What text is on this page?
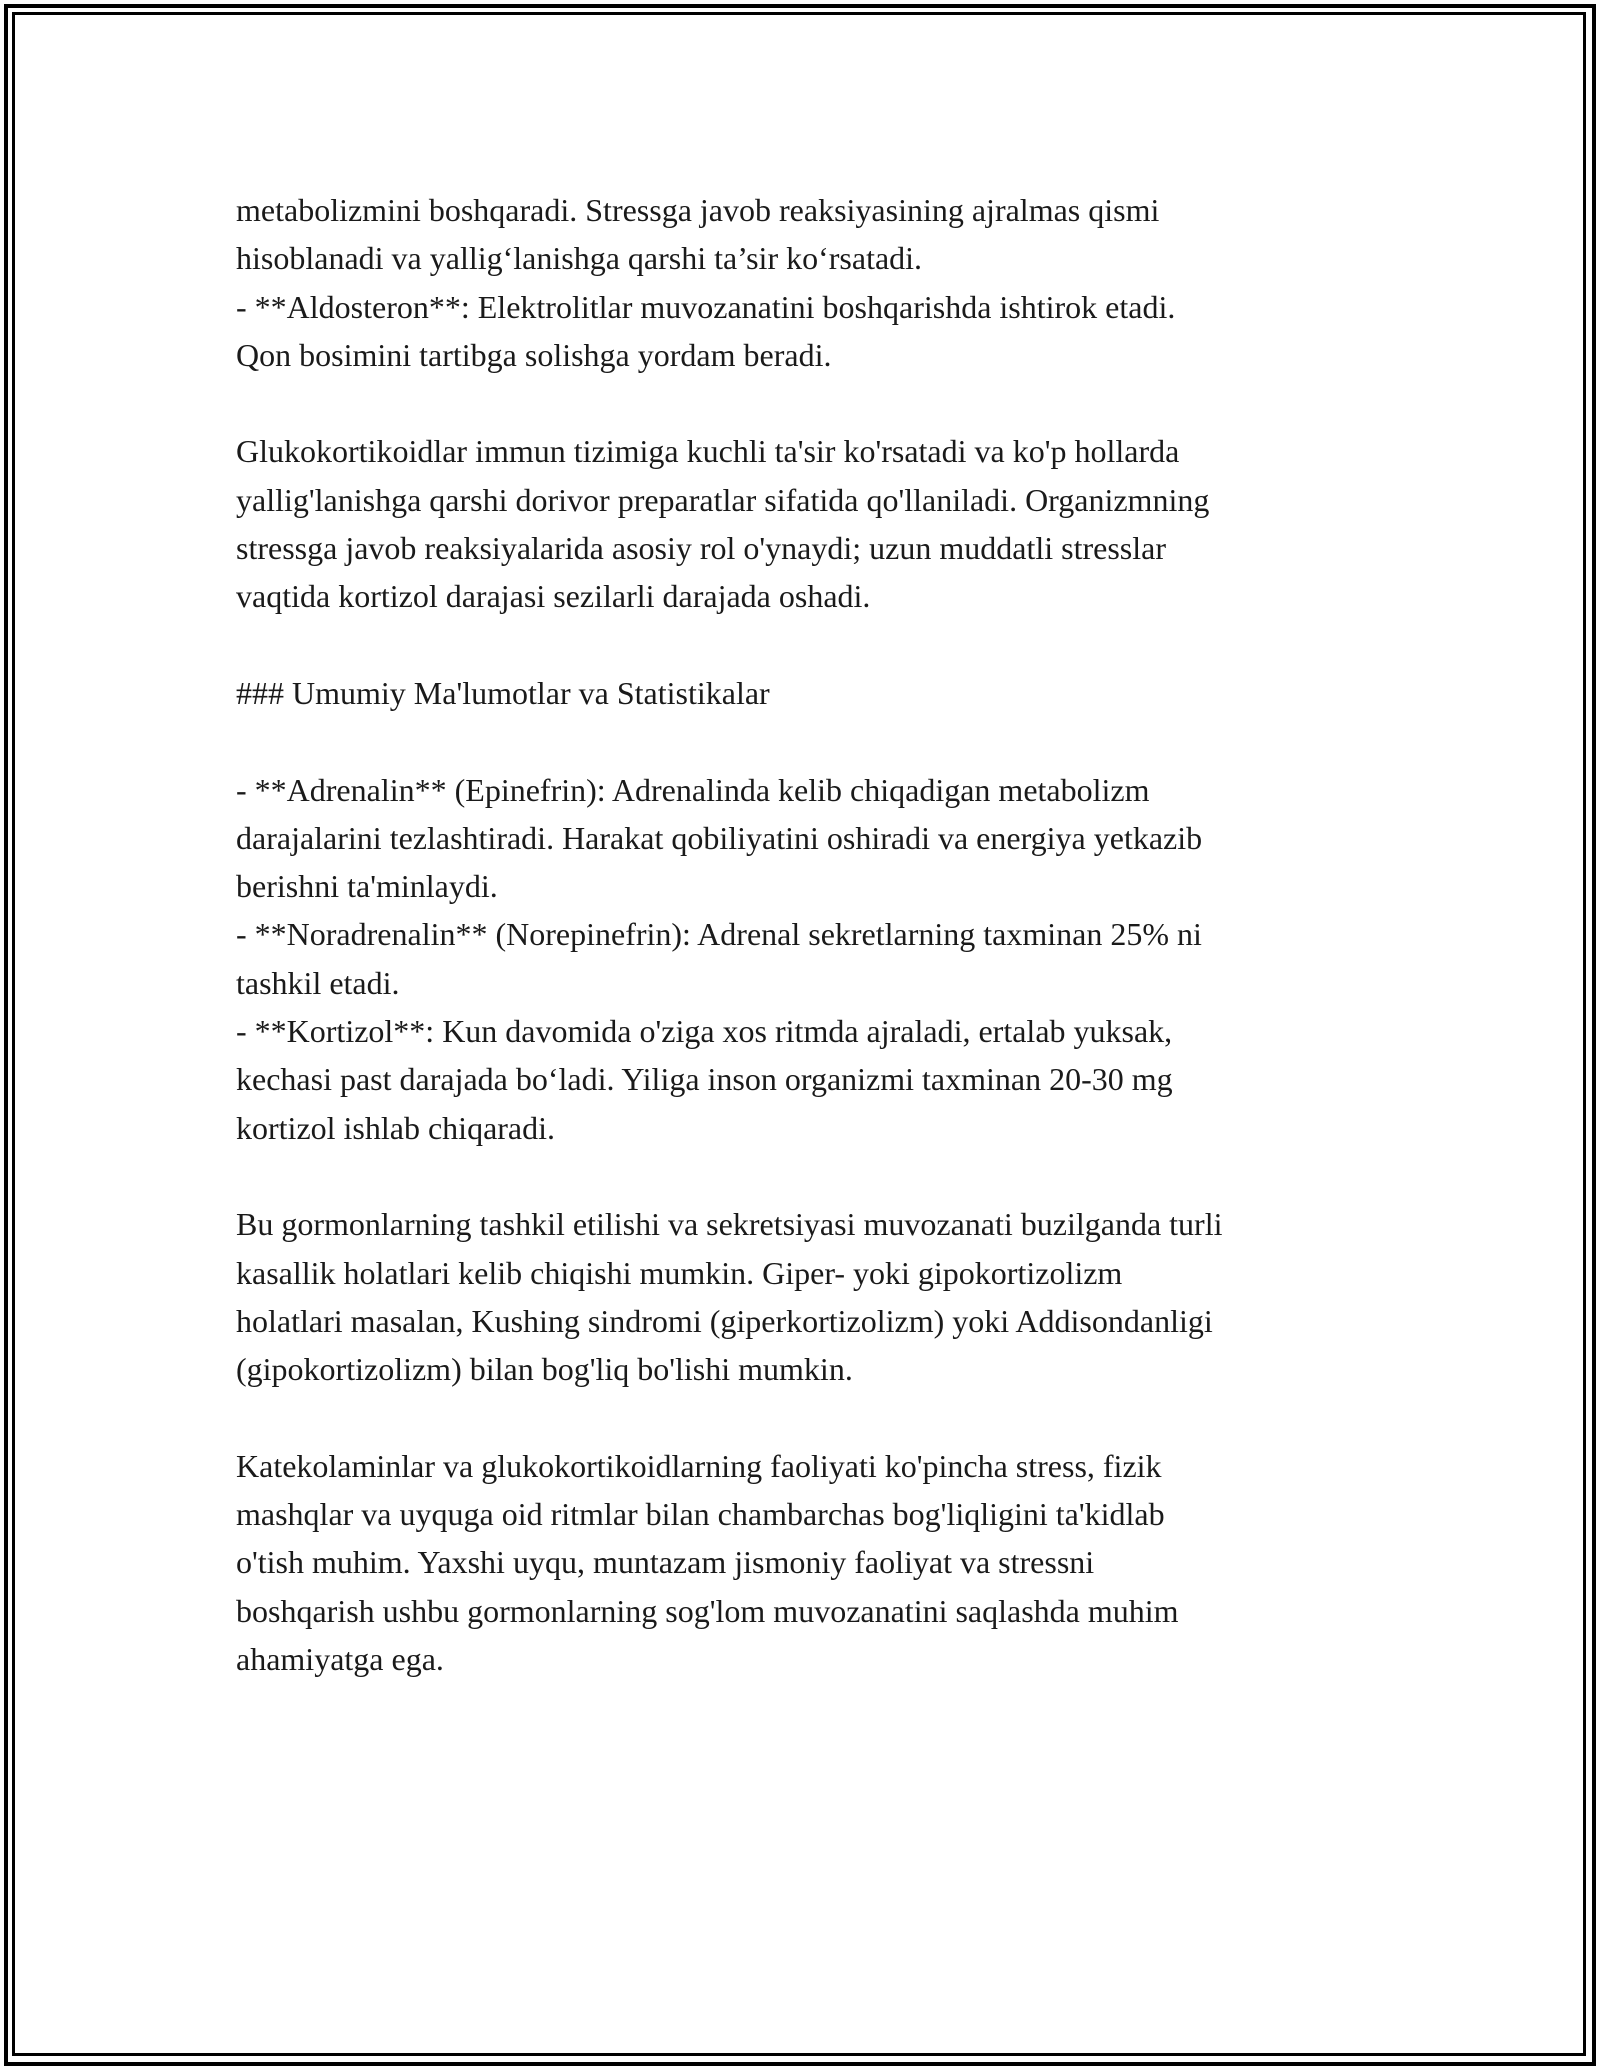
metabolizmini boshqaradi. Stressga javob reaksiyasining ajralmas qismi

hisoblanadi va yallig‘lanishga qarshi ta’sir ko‘rsatadi.

- **Aldosteron**: Elektrolitlar muvozanatini boshqarishda ishtirok etadi.

Qon bosimini tartibga solishga yordam beradi.

Glukokortikoidlar immun tizimiga kuchli ta'sir ko'rsatadi va ko'p hollarda

yallig'lanishga qarshi dorivor preparatlar sifatida qo'llaniladi. Organizmning

stressga javob reaksiyalarida asosiy rol o'ynaydi; uzun muddatli stresslar

vaqtida kortizol darajasi sezilarli darajada oshadi.

### Umumiy Ma'lumotlar va Statistikalar

- **Adrenalin** (Epinefrin): Adrenalinda kelib chiqadigan metabolizm

darajalarini tezlashtiradi. Harakat qobiliyatini oshiradi va energiya yetkazib

berishni ta'minlaydi.

- **Noradrenalin** (Norepinefrin): Adrenal sekretlarning taxminan 25% ni

tashkil etadi.

- **Kortizol**: Kun davomida o'ziga xos ritmda ajraladi, ertalab yuksak,

kechasi past darajada bo‘ladi. Yiliga inson organizmi taxminan 20-30 mg

kortizol ishlab chiqaradi.

Bu gormonlarning tashkil etilishi va sekretsiyasi muvozanati buzilganda turli

kasallik holatlari kelib chiqishi mumkin. Giper- yoki gipokortizolizm

holatlari masalan, Kushing sindromi (giperkortizolizm) yoki Addisondanligi

(gipokortizolizm) bilan bog'liq bo'lishi mumkin.

Katekolaminlar va glukokortikoidlarning faoliyati ko'pincha stress, fizik

mashqlar va uyquga oid ritmlar bilan chambarchas bog'liqligini ta'kidlab

o'tish muhim. Yaxshi uyqu, muntazam jismoniy faoliyat va stressni

boshqarish ushbu gormonlarning sog'lom muvozanatini saqlashda muhim

ahamiyatga ega.
